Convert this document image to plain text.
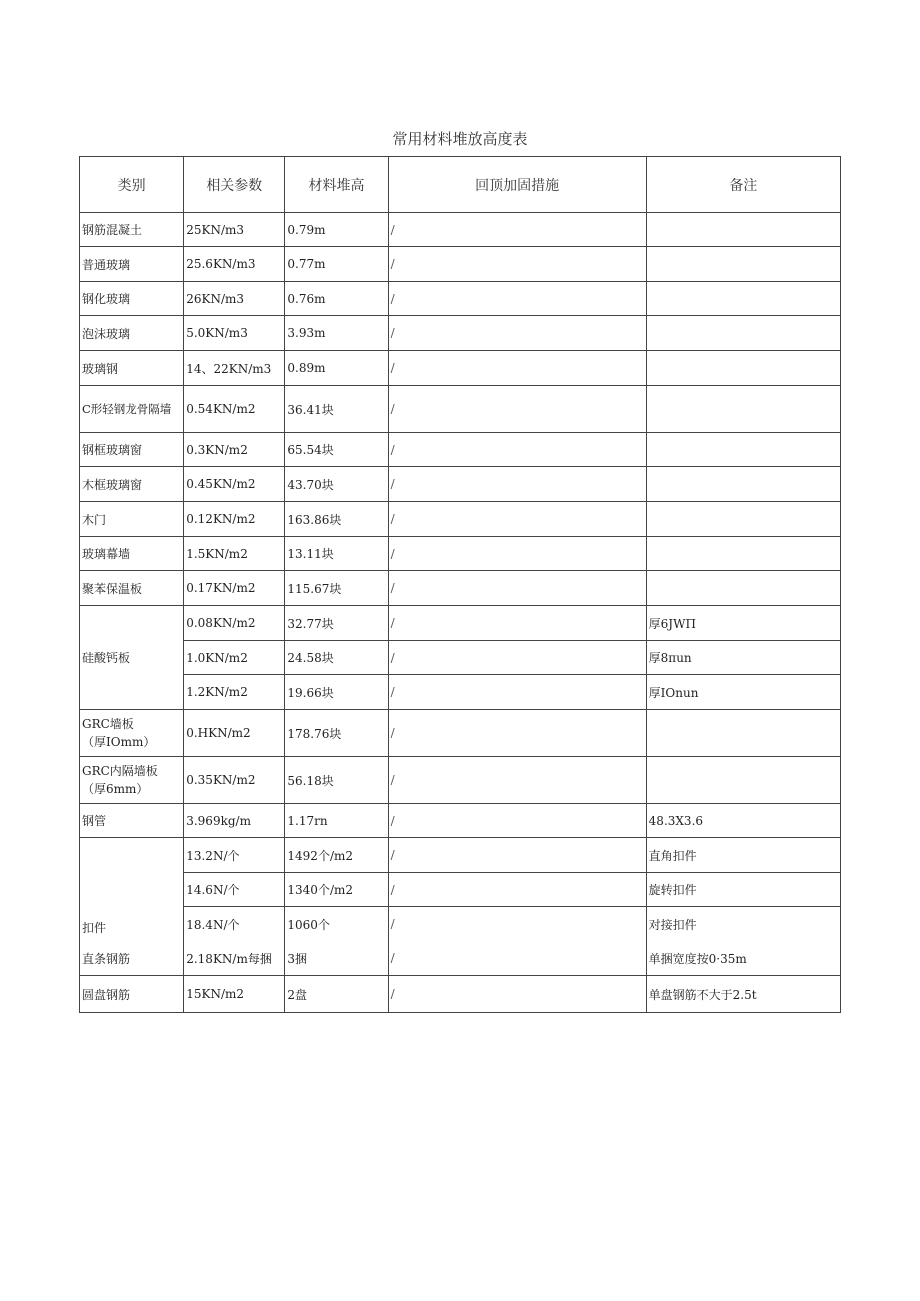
常用材料堆放高度表
类别	相关参数	材料堆高	回顶加固措施	备注
钢筋混凝土	25KN/m3	0.79m	/	
普通玻璃	25.6KN/m3	0.77m	/	
钢化玻璃	26KN/m3	0.76m	/	
泡沫玻璃	5.0KN/m3	3.93m	/	
玻璃钢	14、22KN/m3	0.89m	/	
C形轻钢龙骨隔墙	0.54KN/m2	36.41块	/	
钢框玻璃窗	0.3KN/m2	65.54块	/	
木框玻璃窗	0.45KN/m2	43.70块	/	
木门	0.12KN/m2	163.86块	/	
玻璃幕墙	1.5KN/m2	13.11块	/	
聚苯保温板	0.17KN/m2	115.67块	/	
硅酸钙板	0.08KN/m2	32.77块	/	厚6JWП
	1.0KN/m2	24.58块	/	厚8πun
	1.2KN/m2	19.66块	/	厚IOnun

GRC墙板
（厚IOmm）	0.HKN/m2	178.76块	/	

GRC内隔墙板
（厚6mm）	0.35KN/m2	56.18块	/	
钢管	3.969kg/m	1.17rn	/	48.3X3.6
扣件	13.2N/个	1492个/m2	/	直角扣件
	14.6N/个	1340个/m2	/	旋转扣件
	18.4N/个	1060个	/	对接扣件
直条钢筋	2.18KN/m每捆	3捆	/	单捆宽度按0·35m
圆盘钢筋	15KN/m2	2盘	/	单盘钢筋不大于2.5t
